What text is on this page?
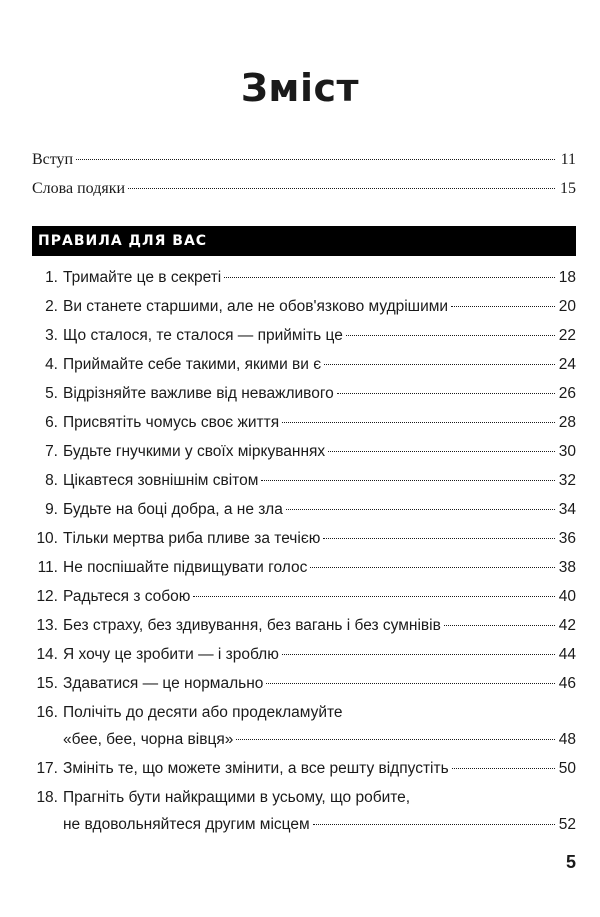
Зміст
Вступ	11
Слова подяки	15
ПРАВИЛА ДЛЯ ВАС
1. Тримайте це в секреті	18
2. Ви станете старшими, але не обов'язково мудрішими	20
3. Що сталося, те сталося — прийміть це	22
4. Приймайте себе такими, якими ви є	24
5. Відрізняйте важливе від неважливого	26
6. Присвятіть чомусь своє життя	28
7. Будьте гнучкими у своїх міркуваннях	30
8. Цікавтеся зовнішнім світом	32
9. Будьте на боці добра, а не зла	34
10. Тільки мертва риба пливе за течією	36
11. Не поспішайте підвищувати голос	38
12. Радьтеся з собою	40
13. Без страху, без здивування, без вагань і без сумнівів	42
14. Я хочу це зробити — і зроблю	44
15. Здаватися — це нормально	46
16. Полічіть до десяти або продекламуйте
«бее, бее, чорна вівця»	48
17. Змініть те, що можете змінити, а все решту відпустіть	50
18. Прагніть бути найкращими в усьому, що робите,
не вдовольняйтеся другим місцем	52
5
